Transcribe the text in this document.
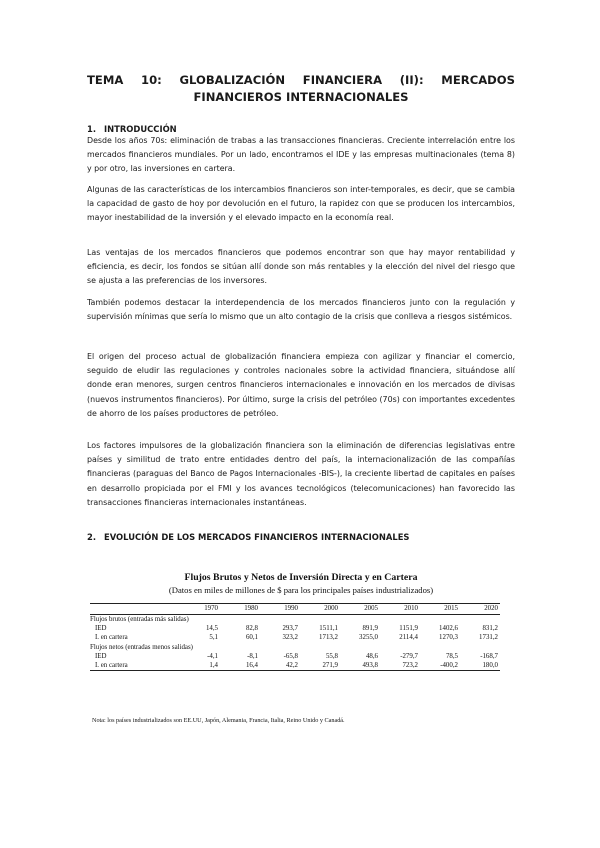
TEMA 10: GLOBALIZACIÓN FINANCIERA (II): MERCADOS
FINANCIEROS INTERNACIONALES
1. INTRODUCCIÓN

Desde los años 70s: eliminación de trabas a las transacciones financieras. Creciente interrelación entre los mercados financieros mundiales. Por un lado, encontramos el IDE y las empresas multinacionales (tema 8) y por otro, las inversiones en cartera.

Algunas de las características de los intercambios financieros son inter-temporales, es decir, que se cambia la capacidad de gasto de hoy por devolución en el futuro, la rapidez con que se producen los intercambios, mayor inestabilidad de la inversión y el elevado impacto en la economía real.

Las ventajas de los mercados financieros que podemos encontrar son que hay mayor rentabilidad y eficiencia, es decir, los fondos se sitúan allí donde son más rentables y la elección del nivel del riesgo que se ajusta a las preferencias de los inversores.

También podemos destacar la interdependencia de los mercados financieros junto con la regulación y supervisión mínimas que sería lo mismo que un alto contagio de la crisis que conlleva a riesgos sistémicos.

El origen del proceso actual de globalización financiera empieza con agilizar y financiar el comercio, seguido de eludir las regulaciones y controles nacionales sobre la actividad financiera, situándose allí donde eran menores, surgen centros financieros internacionales e innovación en los mercados de divisas (nuevos instrumentos financieros). Por último, surge la crisis del petróleo (70s) con importantes excedentes de ahorro de los países productores de petróleo.

Los factores impulsores de la globalización financiera son la eliminación de diferencias legislativas entre países y similitud de trato entre entidades dentro del país, la internacionalización de las compañías financieras (paraguas del Banco de Pagos Internacionales -BIS-), la creciente libertad de capitales en países en desarrollo propiciada por el FMI y los avances tecnológicos (telecomunicaciones) han favorecido las transacciones financieras internacionales instantáneas.

2. EVOLUCIÓN DE LOS MERCADOS FINANCIEROS INTERNACIONALES
Flujos Brutos y Netos de Inversión Directa y en Cartera
(Datos en miles de millones de $ para los principales países industrializados)
	1970	1980	1990	2000	2005	2010	2015	2020
Flujos brutos (entradas más salidas)								
IED	14,5	82,8	293,7	1511,1	891,9	1151,9	1402,6	831,2
I. en cartera	5,1	60,1	323,2	1713,2	3255,0	2114,4	1270,3	1731,2
Flujos netos (entradas menos salidas)								
IED	-4,1	-8,1	-65,8	55,8	48,6	-279,7	78,5	-168,7
I. en cartera	1,4	16,4	42,2	271,9	493,8	723,2	-400,2	180,0
Nota: los países industrializados son EE.UU, Japón, Alemania, Francia, Italia, Reino Unido y Canadá.
